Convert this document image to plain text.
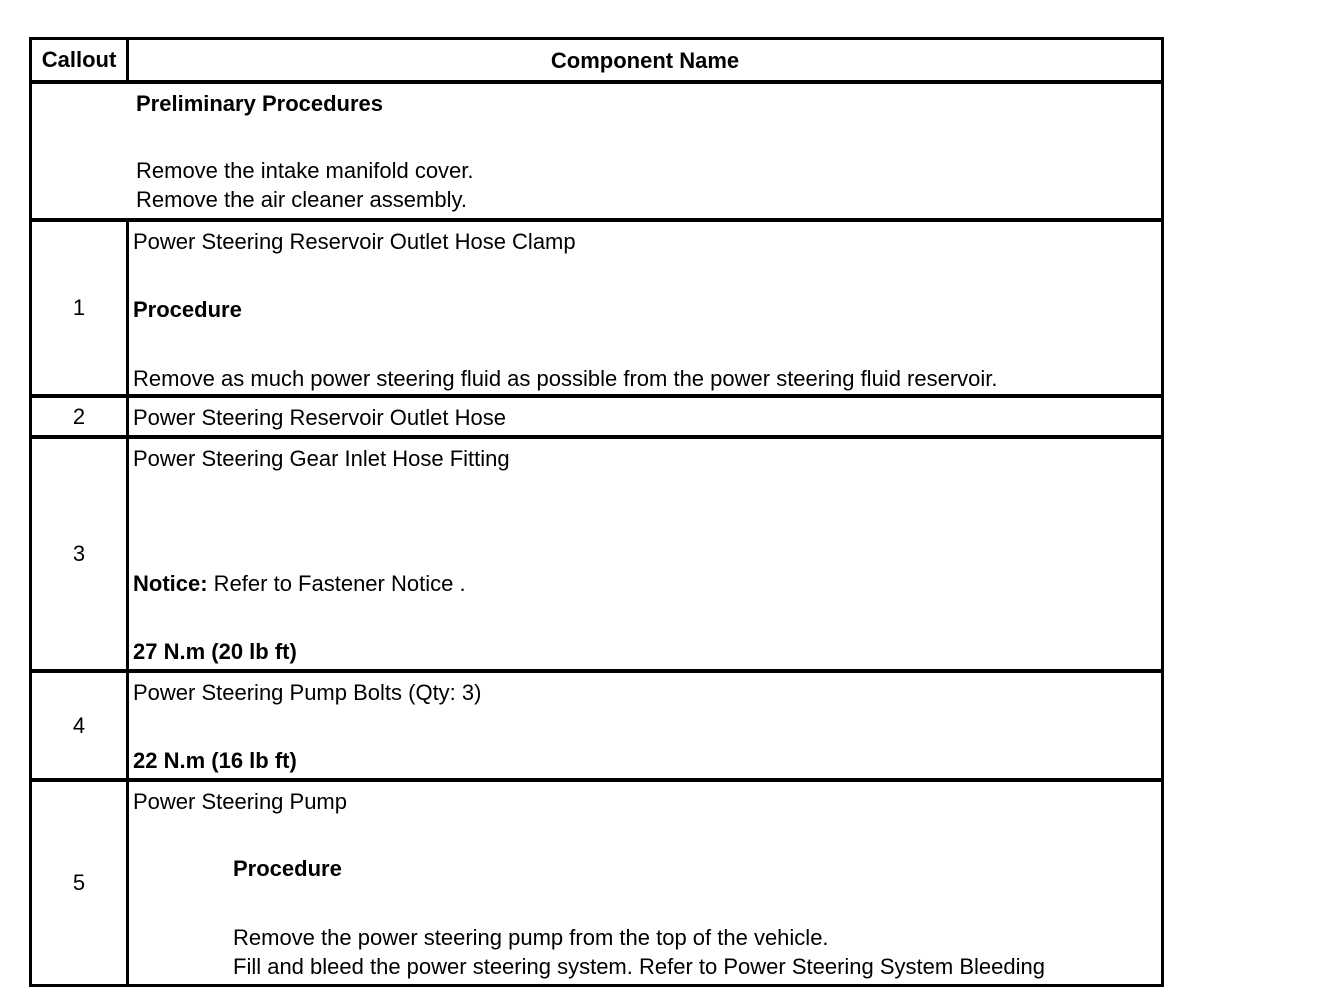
Callout	Component Name
Preliminary Procedures
Remove the intake manifold cover.
Remove the air cleaner assembly.
1
Power Steering Reservoir Outlet Hose Clamp
Procedure
Remove as much power steering fluid as possible from the power steering fluid reservoir.
2	Power Steering Reservoir Outlet Hose
3
Power Steering Gear Inlet Hose Fitting
Notice: Refer to Fastener Notice .
27 N.m (20 lb ft)
4
Power Steering Pump Bolts (Qty: 3)
22 N.m (16 lb ft)
5
Power Steering Pump
Procedure
Remove the power steering pump from the top of the vehicle.
Fill and bleed the power steering system. Refer to Power Steering System Bleeding
